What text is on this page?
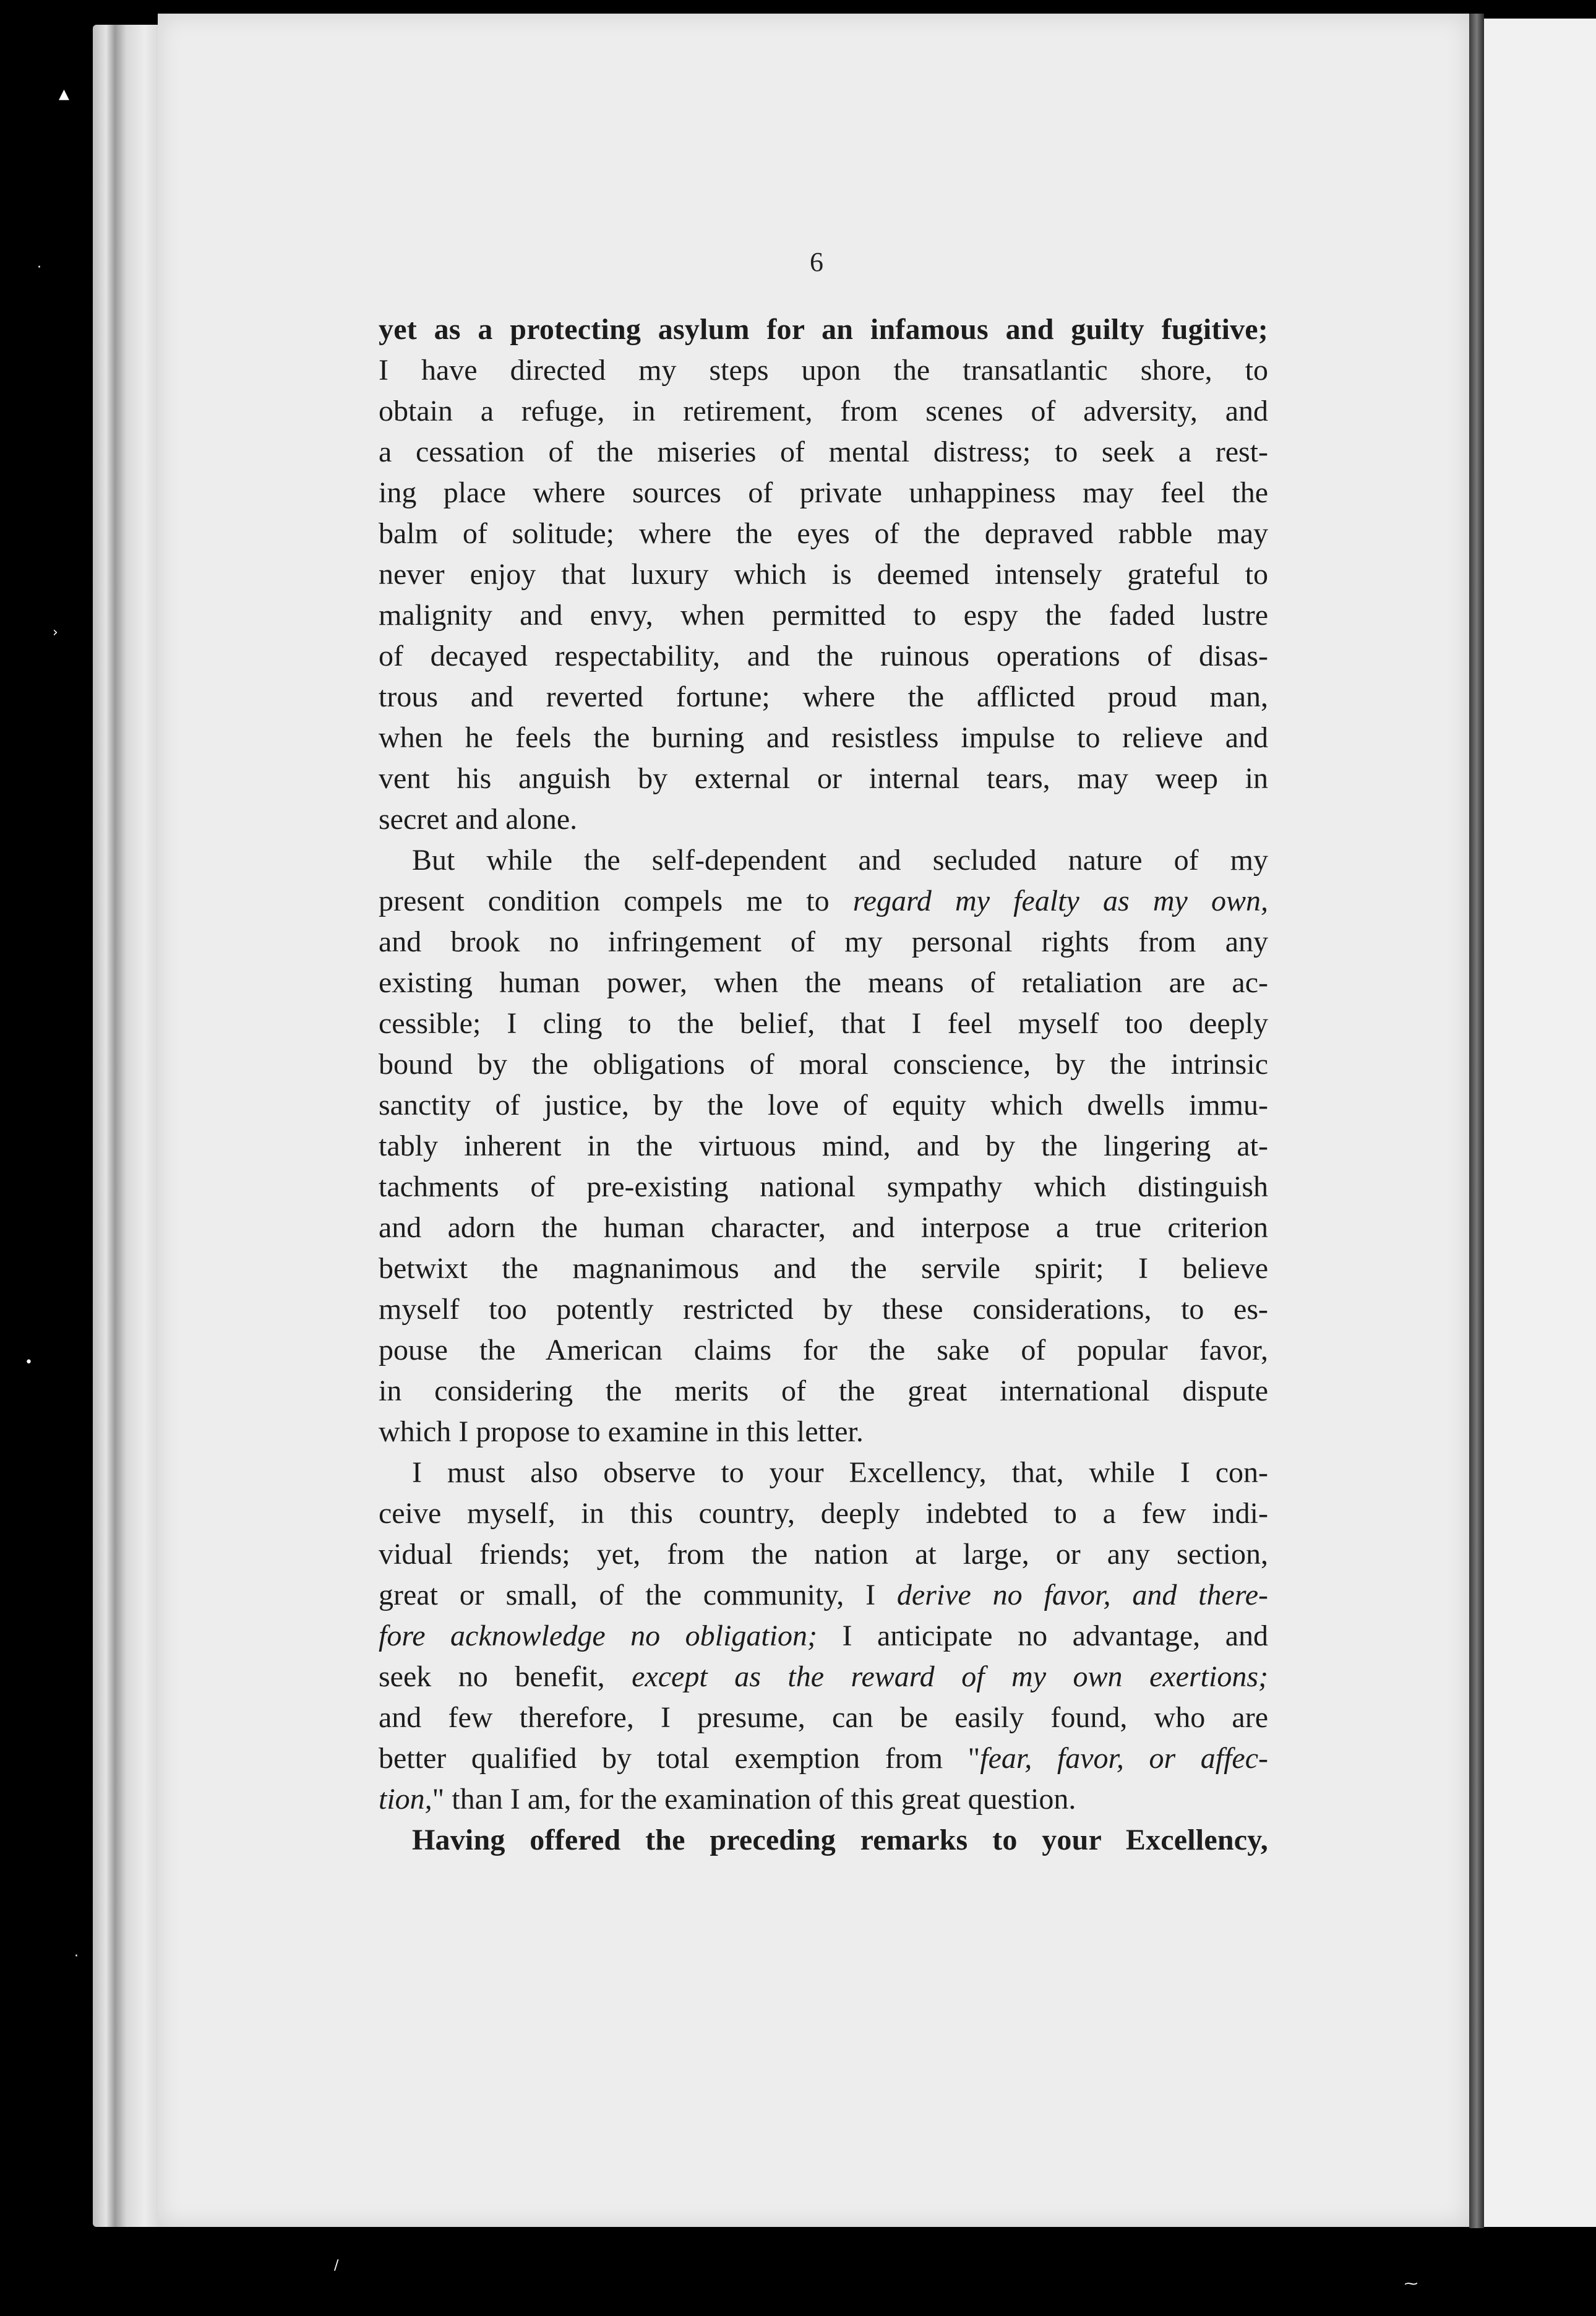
▲
·
›
•
·
/
⁓
6
yet as a protecting asylum for an infamous and guilty fugitive;
I have directed my steps upon the transatlantic shore, to
obtain a refuge, in retirement, from scenes of adversity, and
a cessation of the miseries of mental distress; to seek a rest-
ing place where sources of private unhappiness may feel the
balm of solitude; where the eyes of the depraved rabble may
never enjoy that luxury which is deemed intensely grateful to
malignity and envy, when permitted to espy the faded lustre
of decayed respectability, and the ruinous operations of disas-
trous and reverted fortune; where the afflicted proud man,
when he feels the burning and resistless impulse to relieve and
vent his anguish by external or internal tears, may weep in
secret and alone.
But while the self-dependent and secluded nature of my
present condition compels me to regard my fealty as my own,
and brook no infringement of my personal rights from any
existing human power, when the means of retaliation are ac-
cessible; I cling to the belief, that I feel myself too deeply
bound by the obligations of moral conscience, by the intrinsic
sanctity of justice, by the love of equity which dwells immu-
tably inherent in the virtuous mind, and by the lingering at-
tachments of pre-existing national sympathy which distinguish
and adorn the human character, and interpose a true criterion
betwixt the magnanimous and the servile spirit; I believe
myself too potently restricted by these considerations, to es-
pouse the American claims for the sake of popular favor,
in considering the merits of the great international dispute
which I propose to examine in this letter.
I must also observe to your Excellency, that, while I con-
ceive myself, in this country, deeply indebted to a few indi-
vidual friends; yet, from the nation at large, or any section,
great or small, of the community, I derive no favor, and there-
fore acknowledge no obligation; I anticipate no advantage, and
seek no benefit, except as the reward of my own exertions;
and few therefore, I presume, can be easily found, who are
better qualified by total exemption from "fear, favor, or affec-
tion," than I am, for the examination of this great question.
Having offered the preceding remarks to your Excellency,
